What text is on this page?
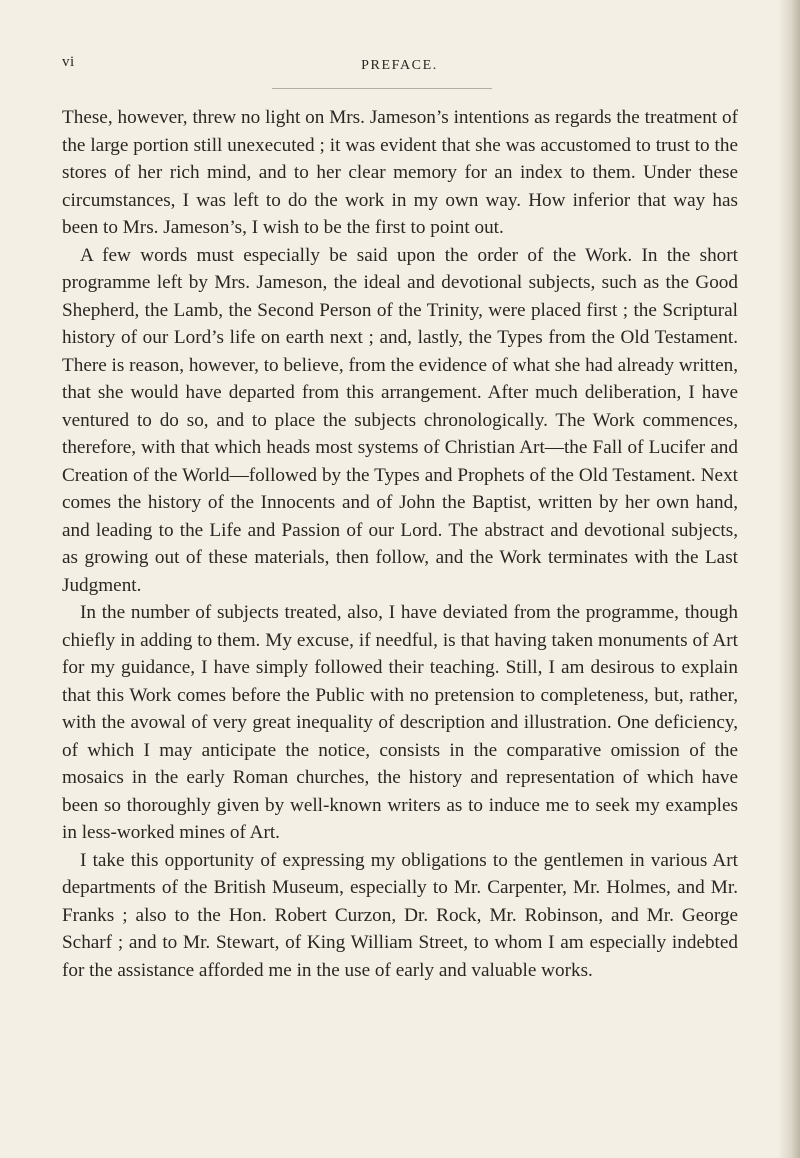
vi	PREFACE.

These, however, threw no light on Mrs. Jameson’s intentions as regards the treatment of the large portion still unexecuted ; it was evident that she was accustomed to trust to the stores of her rich mind, and to her clear memory for an index to them. Under these circumstances, I was left to do the work in my own way. How inferior that way has been to Mrs. Jameson’s, I wish to be the first to point out.

A few words must especially be said upon the order of the Work. In the short programme left by Mrs. Jameson, the ideal and devotional subjects, such as the Good Shepherd, the Lamb, the Second Person of the Trinity, were placed first ; the Scriptural history of our Lord’s life on earth next ; and, lastly, the Types from the Old Testament. There is reason, however, to believe, from the evidence of what she had already written, that she would have departed from this arrangement. After much deliberation, I have ventured to do so, and to place the subjects chronologically. The Work commences, therefore, with that which heads most systems of Christian Art—the Fall of Lucifer and Creation of the World—followed by the Types and Prophets of the Old Testament. Next comes the history of the Innocents and of John the Baptist, written by her own hand, and leading to the Life and Passion of our Lord. The abstract and devotional subjects, as growing out of these materials, then follow, and the Work terminates with the Last Judgment.

In the number of subjects treated, also, I have deviated from the programme, though chiefly in adding to them. My excuse, if needful, is that having taken monuments of Art for my guidance, I have simply followed their teaching. Still, I am desirous to explain that this Work comes before the Public with no pretension to completeness, but, rather, with the avowal of very great inequality of description and illustration. One deficiency, of which I may anticipate the notice, consists in the comparative omission of the mosaics in the early Roman churches, the history and representation of which have been so thoroughly given by well-known writers as to induce me to seek my examples in less-worked mines of Art.

I take this opportunity of expressing my obligations to the gentlemen in various Art departments of the British Museum, especially to Mr. Carpenter, Mr. Holmes, and Mr. Franks ; also to the Hon. Robert Curzon, Dr. Rock, Mr. Robinson, and Mr. George Scharf ; and to Mr. Stewart, of King William Street, to whom I am especially indebted for the assistance afforded me in the use of early and valuable works.
